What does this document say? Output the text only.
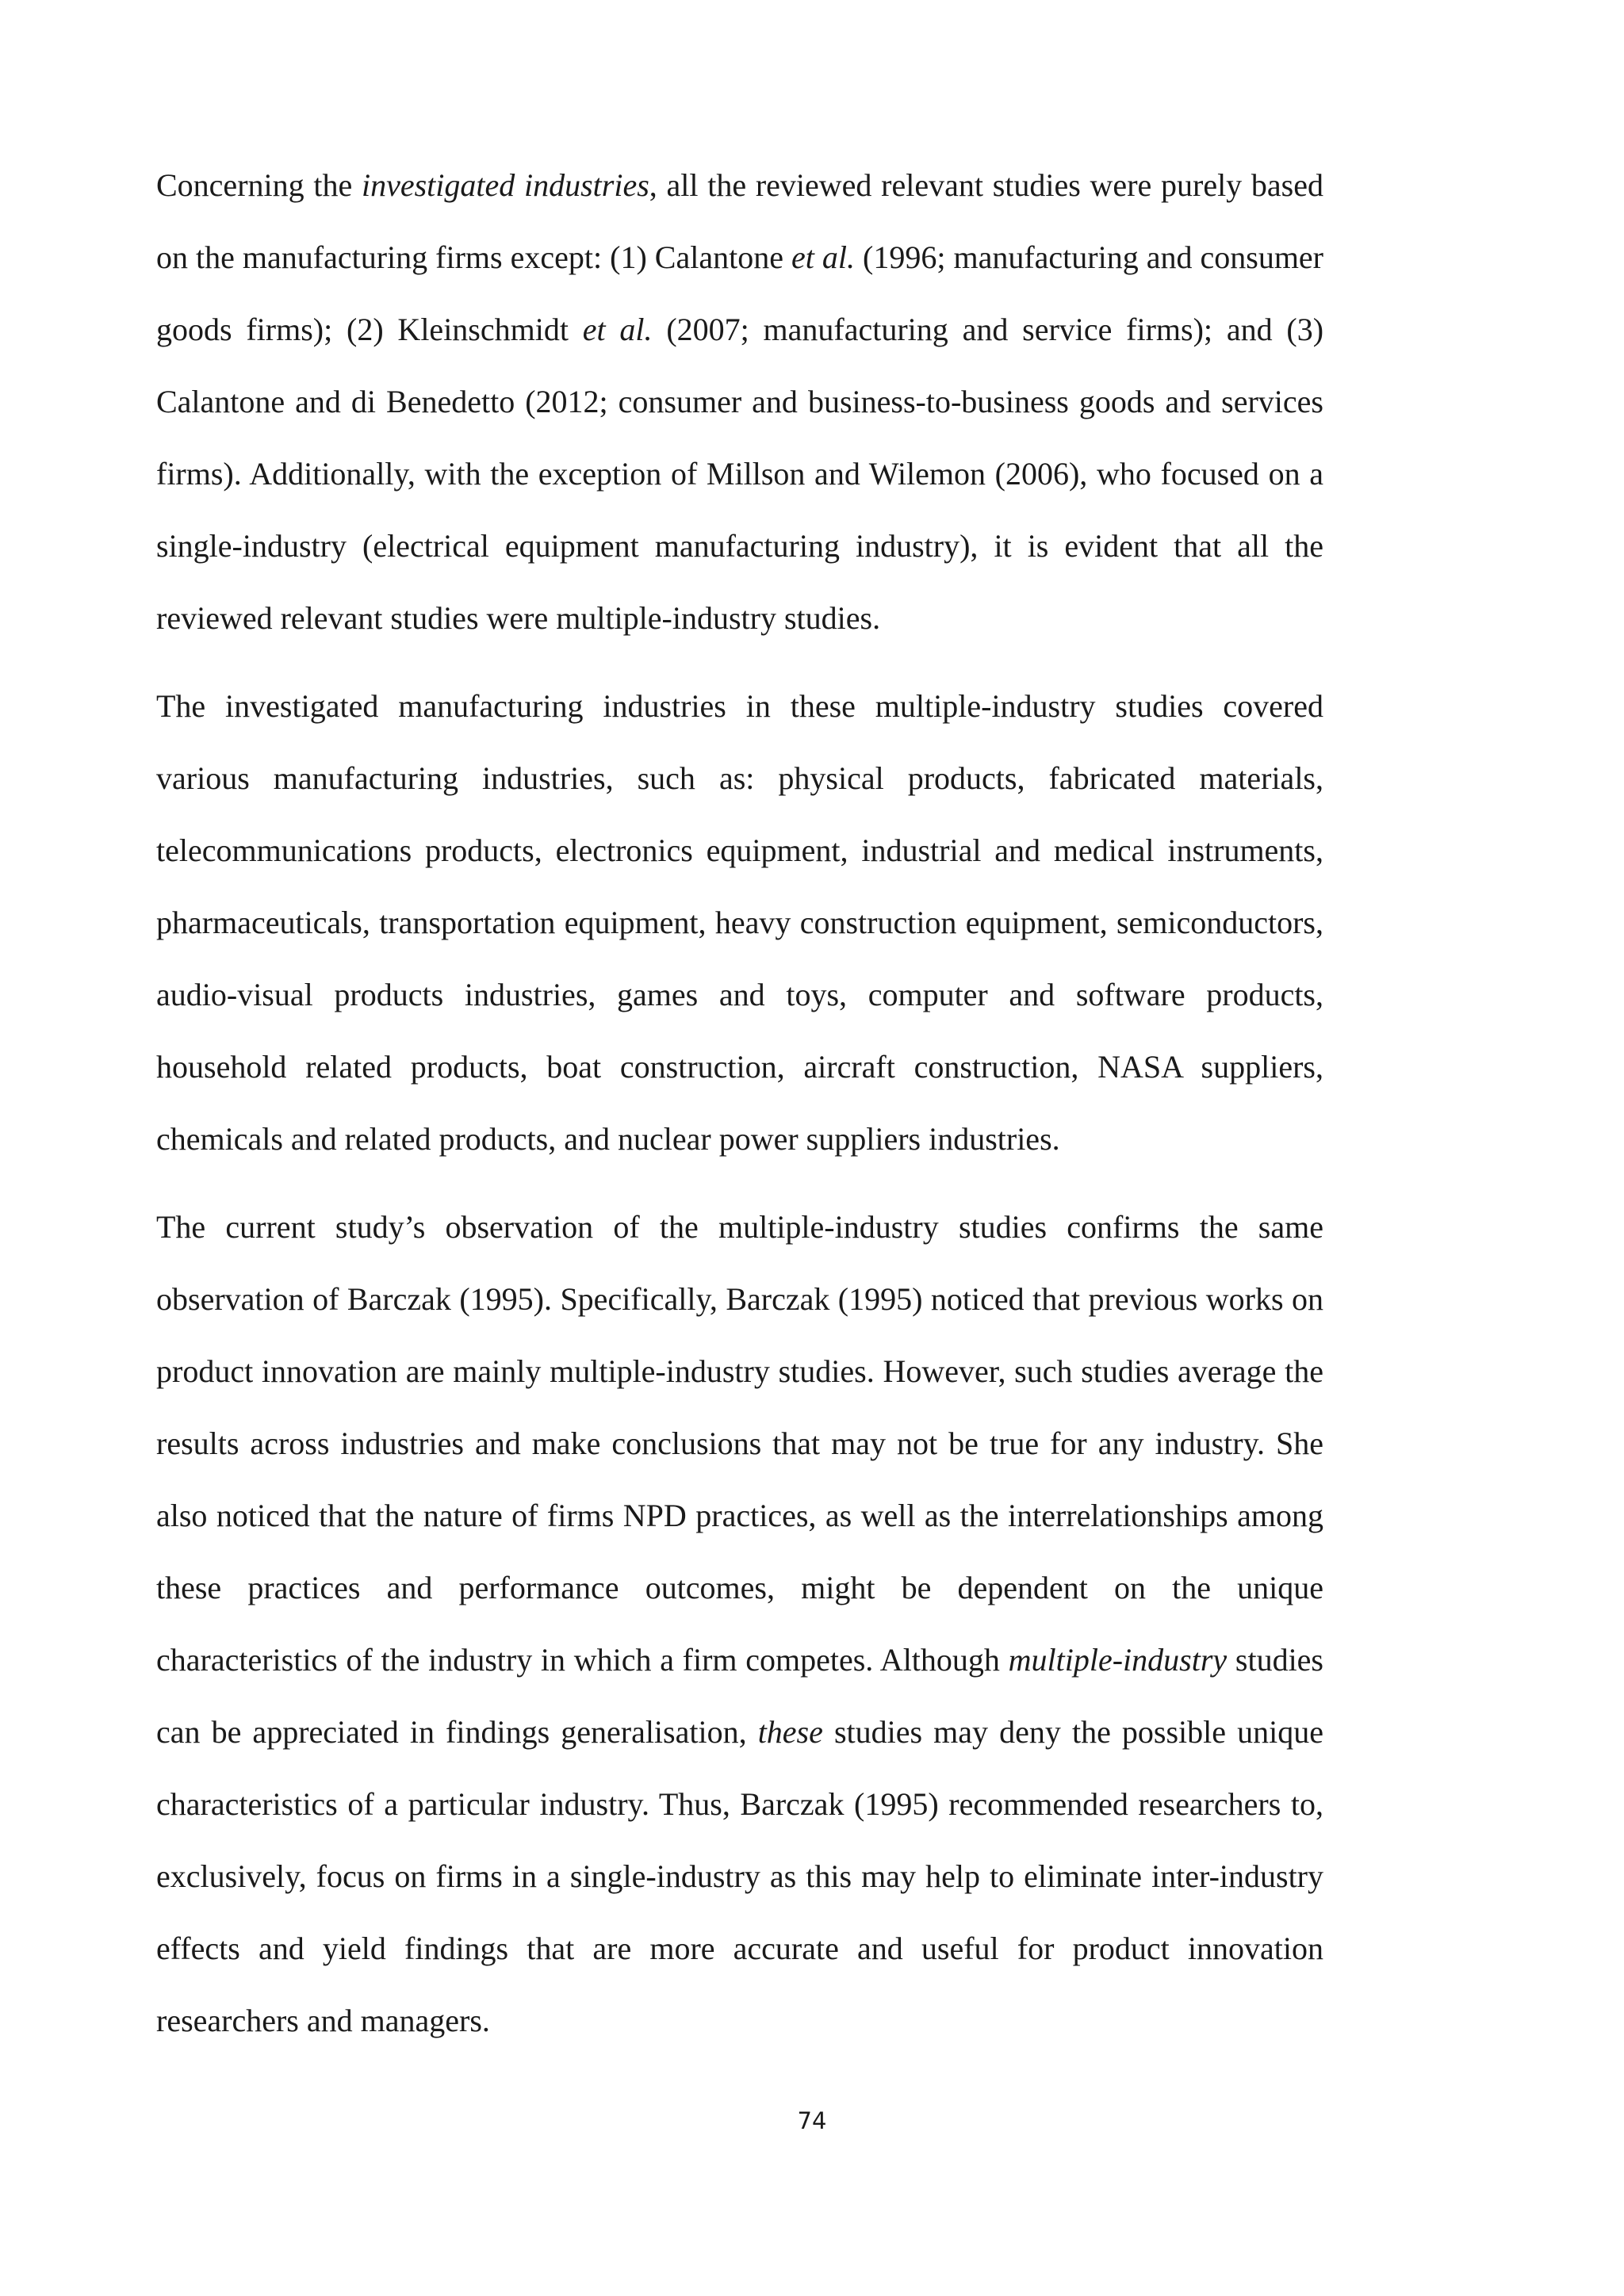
Concerning the investigated industries, all the reviewed relevant studies were purely based on the manufacturing firms except: (1) Calantone et al. (1996; manufacturing and consumer goods firms); (2) Kleinschmidt et al. (2007; manufacturing and service firms); and (3) Calantone and di Benedetto (2012; consumer and business-to-business goods and services firms). Additionally, with the exception of Millson and Wilemon (2006), who focused on a single-industry (electrical equipment manufacturing industry), it is evident that all the reviewed relevant studies were multiple-industry studies.

The investigated manufacturing industries in these multiple-industry studies covered various manufacturing industries, such as: physical products, fabricated materials, telecommunications products, electronics equipment, industrial and medical instruments, pharmaceuticals, transportation equipment, heavy construction equipment, semiconductors, audio-visual products industries, games and toys, computer and software products, household related products, boat construction, aircraft construction, NASA suppliers, chemicals and related products, and nuclear power suppliers industries.

The current study’s observation of the multiple-industry studies confirms the same observation of Barczak (1995). Specifically, Barczak (1995) noticed that previous works on product innovation are mainly multiple-industry studies. However, such studies average the results across industries and make conclusions that may not be true for any industry. She also noticed that the nature of firms NPD practices, as well as the interrelationships among these practices and performance outcomes, might be dependent on the unique characteristics of the industry in which a firm competes. Although multiple-industry studies can be appreciated in findings generalisation, these studies may deny the possible unique characteristics of a particular industry. Thus, Barczak (1995) recommended researchers to, exclusively, focus on firms in a single-industry as this may help to eliminate inter-industry effects and yield findings that are more accurate and useful for product innovation researchers and managers.

74
